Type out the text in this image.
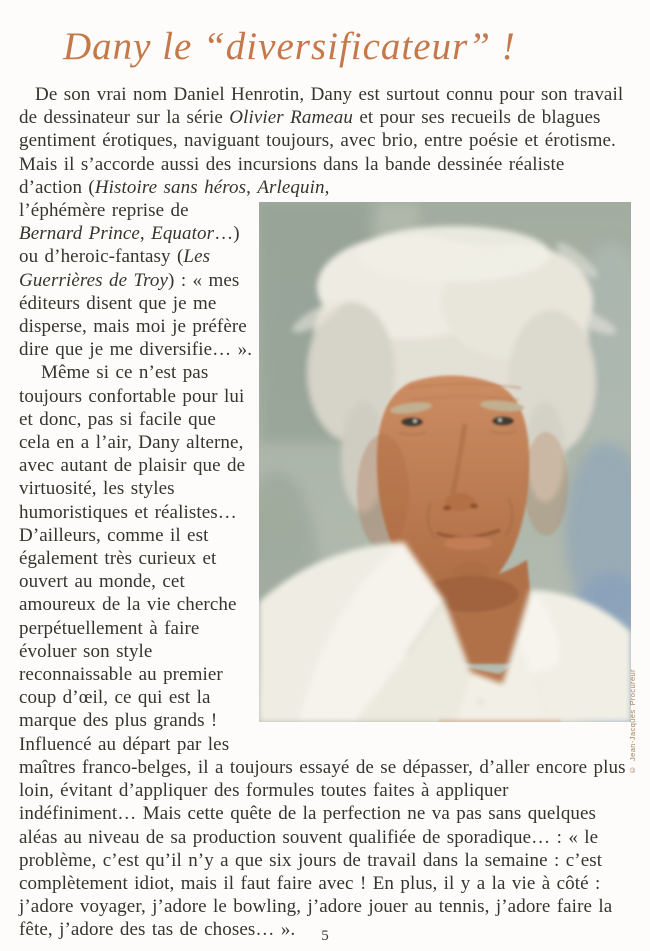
Dany le “diversificateur” !

De son vrai nom Daniel Henrotin, Dany est surtout connu pour son travail de dessinateur sur la série Olivier Rameau et pour ses recueils de blagues gentiment érotiques, naviguant toujours, avec brio, entre poésie et érotisme. Mais il s’accorde aussi des incursions dans la bande dessinée réaliste d’action (Histoire sans héros, Arlequin,

© Jean-Jacques Procureur

l’éphémère reprise de Bernard Prince, Equator…) ou d’heroic-fantasy (Les Guerrières de Troy) : « mes éditeurs disent que je me disperse, mais moi je préfère dire que je me diversifie… ».

Même si ce n’est pas toujours confortable pour lui et donc, pas si facile que cela en a l’air, Dany alterne, avec autant de plaisir que de virtuosité, les styles humoristiques et réalistes… D’ailleurs, comme il est également très curieux et ouvert au monde, cet amoureux de la vie cherche perpétuellement à faire évoluer son style reconnaissable au premier coup d’œil, ce qui est la marque des plus grands ! Influencé au départ par les maîtres franco-belges, il a toujours essayé de se dépasser, d’aller encore plus loin, évitant d’appliquer des formules toutes faites à appliquer indéfiniment… Mais cette quête de la perfection ne va pas sans quelques aléas au niveau de sa production souvent qualifiée de sporadique… : « le problème, c’est qu’il n’y a que six jours de travail dans la semaine : c’est complètement idiot, mais il faut faire avec ! En plus, il y a la vie à côté : j’adore voyager, j’adore le bowling, j’adore jouer au tennis, j’adore faire la fête, j’adore des tas de choses… ».	5
